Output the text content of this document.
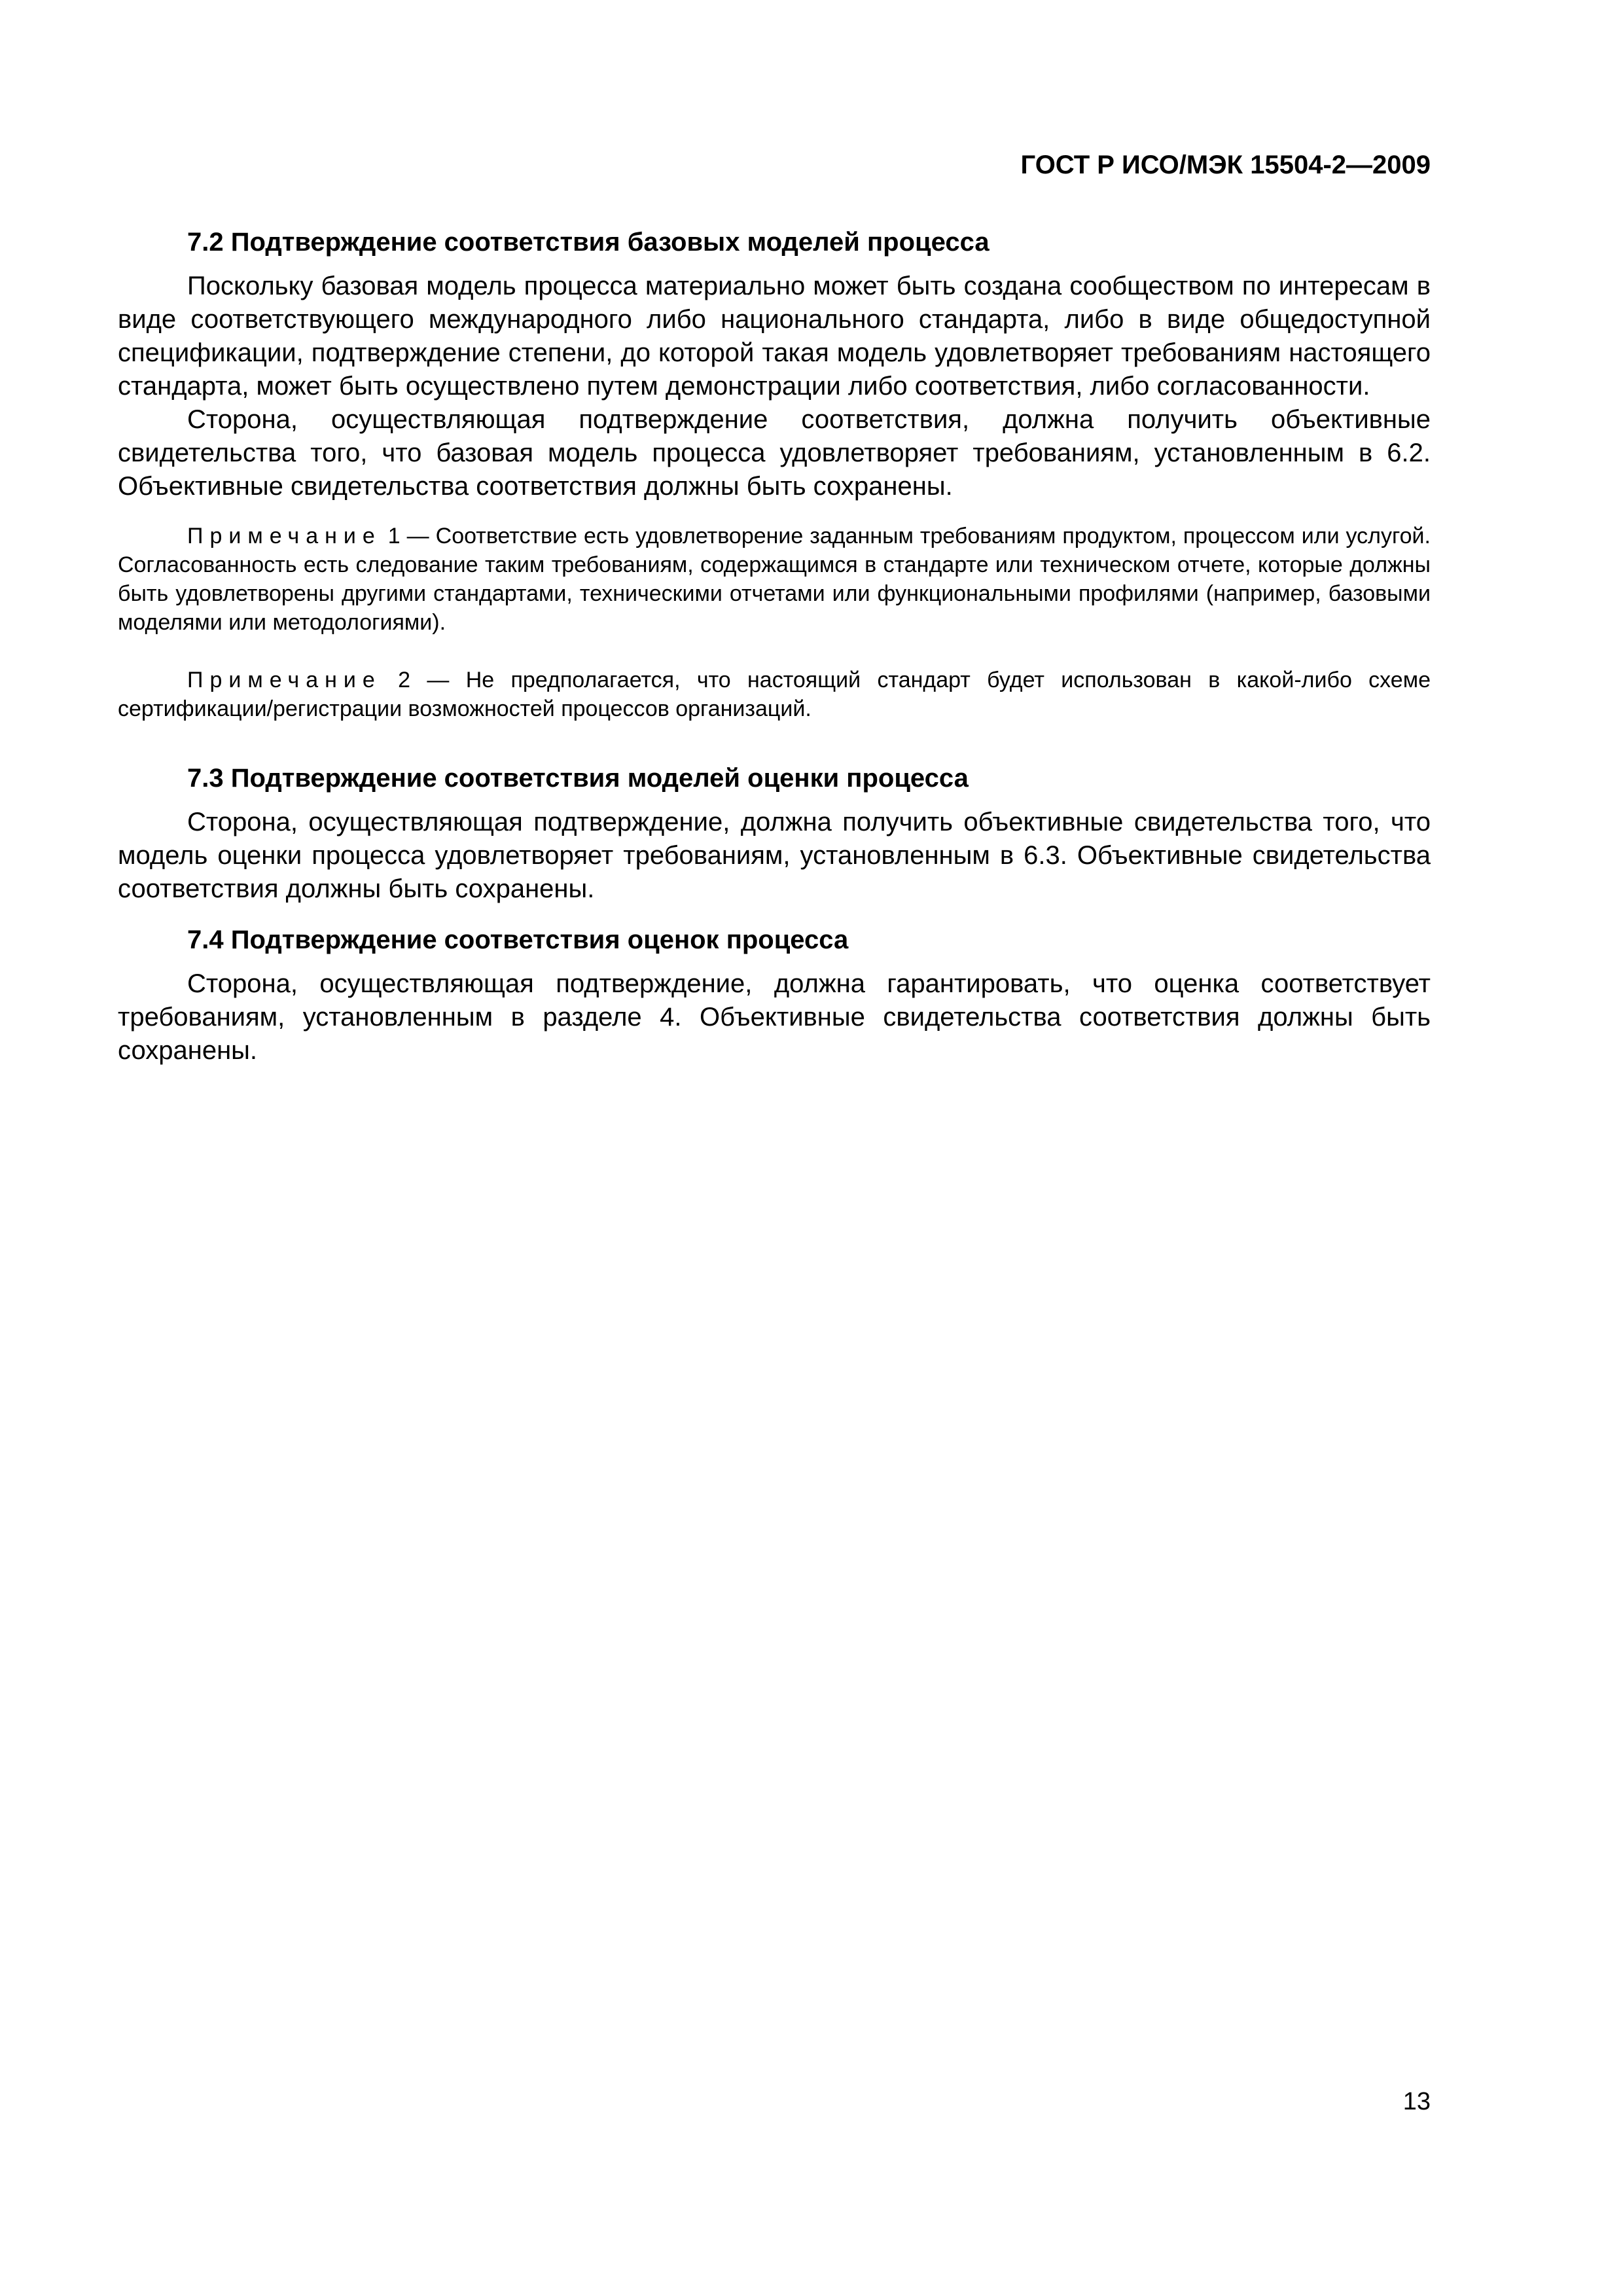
ГОСТ Р ИСО/МЭК 15504-2—2009
7.2 Подтверждение соответствия базовых моделей процесса

Поскольку базовая модель процесса материально может быть создана сообществом по интересам в виде соответствующего международного либо национального стандарта, либо в виде общедоступной спецификации, подтверждение степени, до которой такая модель удовлетворяет требованиям настоящего стандарта, может быть осуществлено путем демонстрации либо соответствия, либо согласованности.

Сторона, осуществляющая подтверждение соответствия, должна получить объективные свидетельства того, что базовая модель процесса удовлетворяет требованиям, установленным в 6.2. Объективные свидетельства соответствия должны быть сохранены.

Примечание 1 — Соответствие есть удовлетворение заданным требованиям продуктом, процессом или услугой. Согласованность есть следование таким требованиям, содержащимся в стандарте или техническом отчете, которые должны быть удовлетворены другими стандартами, техническими отчетами или функциональными профилями (например, базовыми моделями или методологиями).

Примечание 2 — Не предполагается, что настоящий стандарт будет использован в какой-либо схеме сертификации/регистрации возможностей процессов организаций.

7.3 Подтверждение соответствия моделей оценки процесса

Сторона, осуществляющая подтверждение, должна получить объективные свидетельства того, что модель оценки процесса удовлетворяет требованиям, установленным в 6.3. Объективные свидетельства соответствия должны быть сохранены.

7.4 Подтверждение соответствия оценок процесса

Сторона, осуществляющая подтверждение, должна гарантировать, что оценка соответствует требованиям, установленным в разделе 4. Объективные свидетельства соответствия должны быть сохранены.

13
